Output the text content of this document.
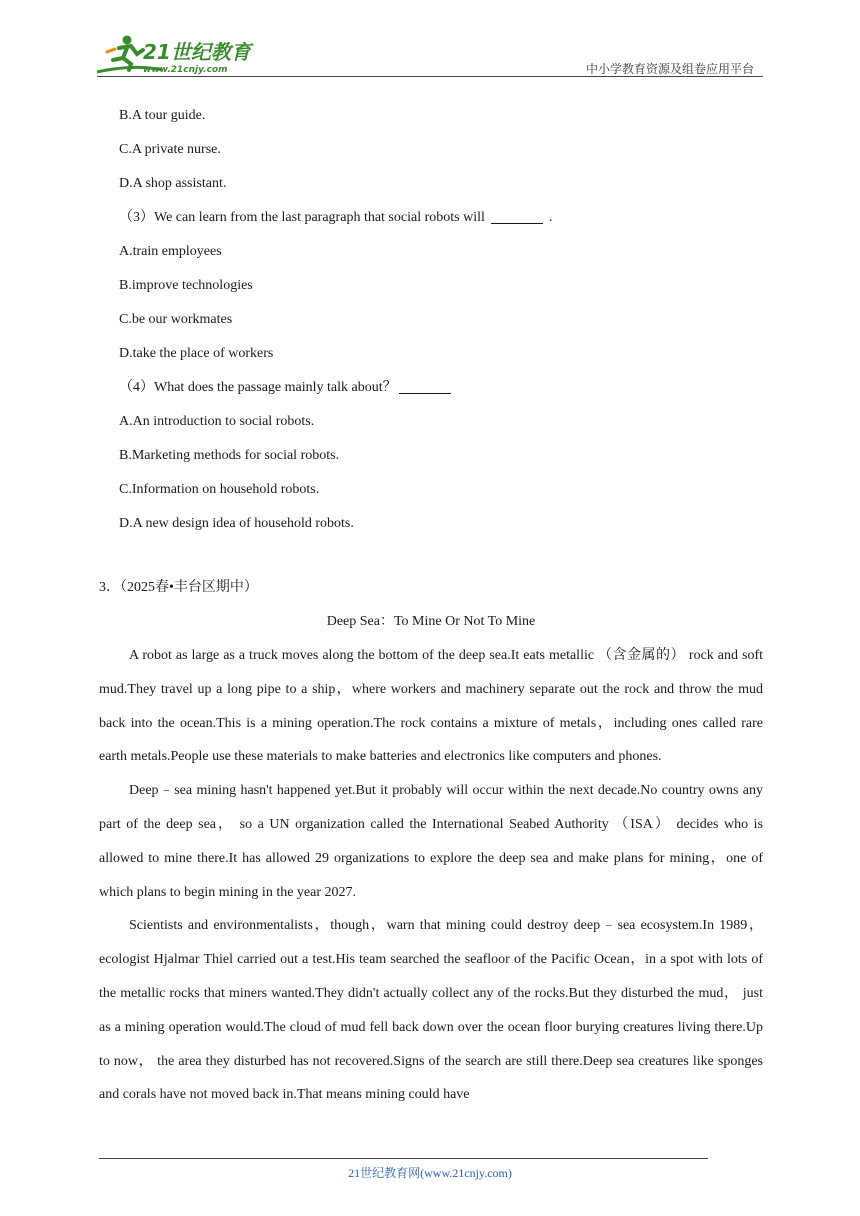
21世纪教育
www.21cnjy.com	中小学教育资源及组卷应用平台
B.A tour guide.
C.A private nurse.
D.A shop assistant.
（3）We can learn from the last paragraph that social robots will	.
A.train employees
B.improve technologies
C.be our workmates
D.take the place of workers
（4）What does the passage mainly talk about？
A.An introduction to social robots.
B.Marketing methods for social robots.
C.Information on household robots.
D.A new design idea of household robots.
3．（2025春•丰台区期中）
Deep Sea：To Mine Or Not To Mine

A robot as large as a truck moves along the bottom of the deep sea.It eats metallic （含金属的） rock and soft mud.They travel up a long pipe to a ship，where workers and machinery separate out the rock and throw the mud back into the ocean.This is a mining operation.The rock contains a mixture of metals，including ones called rare earth metals.People use these materials to make batteries and electronics like computers and phones.

Deep﹣sea mining hasn't happened yet.But it probably will occur within the next decade.No country owns any part of the deep sea， so a UN organization called the International Seabed Authority （ISA） decides who is allowed to mine there.It has allowed 29 organizations to explore the deep sea and make plans for mining，one of which plans to begin mining in the year 2027.

Scientists and environmentalists，though，warn that mining could destroy deep﹣sea ecosystem.In 1989，ecologist Hjalmar Thiel carried out a test.His team searched the seafloor of the Pacific Ocean，in a spot with lots of the metallic rocks that miners wanted.They didn't actually collect any of the rocks.But they disturbed the mud， just as a mining operation would.The cloud of mud fell back down over the ocean floor burying creatures living there.Up to now， the area they disturbed has not recovered.Signs of the search are still there.Deep sea creatures like sponges and corals have not moved back in.That means mining could have

21世纪教育网(www.21cnjy.com)
